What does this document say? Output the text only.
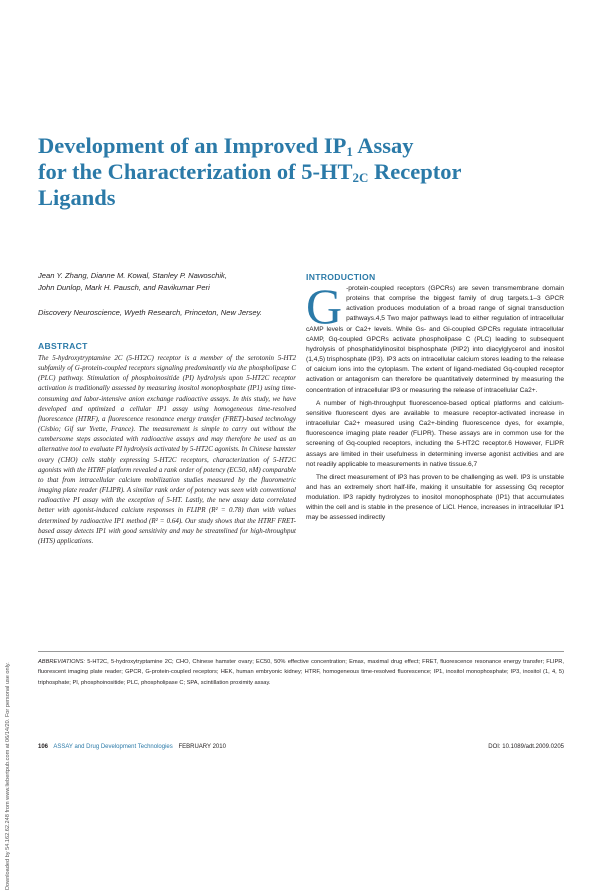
Downloaded by 54.162.62.248 from www.liebertpub.com at 06/14/20. For personal use only.
Development of an Improved $IP_1$ Assay
for the Characterization of $5-HT_{2C}$ Receptor
Ligands
Jean Y. Zhang, Dianne M. Kowal, Stanley P. Nawoschik,
John Dunlop, Mark H. Pausch, and Ravikumar Peri
Discovery Neuroscience, Wyeth Research, Princeton, New Jersey.
ABSTRACT
The 5-hydroxytryptamine 2C (5-HT2C) receptor is a member of the serotonin 5-HT2 subfamily of G-protein-coupled receptors signaling predominantly via the phospholipase C (PLC) pathway. Stimulation of phosphoinositide (PI) hydrolysis upon 5-HT2C receptor activation is traditionally assessed by measuring inositol monophosphate (IP1) using time-consuming and labor-intensive anion exchange radioactive assays. In this study, we have developed and optimized a cellular IP1 assay using homogeneous time-resolved fluorescence (HTRF), a fluorescence resonance energy transfer (FRET)-based technology (Cisbio; Gif sur Yvette, France). The measurement is simple to carry out without the cumbersome steps associated with radioactive assays and may therefore be used as an alternative tool to evaluate PI hydrolysis activated by 5-HT2C agonists. In Chinese hamster ovary (CHO) cells stably expressing 5-HT2C receptors, characterization of 5-HT2C agonists with the HTRF platform revealed a rank order of potency (EC50, nM) comparable to that from intracellular calcium mobilization studies measured by the fluorometric imaging plate reader (FLIPR). A similar rank order of potency was seen with conventional radioactive PI assay with the exception of 5-HT. Lastly, the new assay data correlated better with agonist-induced calcium responses in FLIPR (R² = 0.78) than with values determined by radioactive IP1 method (R² = 0.64). Our study shows that the HTRF FRET-based assay detects IP1 with good sensitivity and may be streamlined for high-throughput (HTS) applications.
INTRODUCTION

G -protein-coupled receptors (GPCRs) are seven transmembrane domain proteins that comprise the biggest family of drug targets.1–3 GPCR activation produces modulation of a broad range of signal transduction pathways.4,5 Two major pathways lead to either regulation of intracellular cAMP levels or Ca2+ levels. While Gs- and Gi-coupled GPCRs regulate intracellular cAMP, Gq-coupled GPCRs activate phospholipase C (PLC) leading to subsequent hydrolysis of phosphatidylinositol bisphosphate (PIP2) into diacylglycerol and inositol (1,4,5) trisphosphate (IP3). IP3 acts on intracellular calcium stores leading to the release of calcium ions into the cytoplasm. The extent of ligand-mediated Gq-coupled receptor activation or antagonism can therefore be quantitatively determined by measuring the concentration of intracellular IP3 or measuring the release of intracellular Ca2+.

A number of high-throughput fluorescence-based optical platforms and calcium-sensitive fluorescent dyes are available to measure receptor-activated increase in intracellular Ca2+ measured using Ca2+-binding fluorescence dyes, for example, fluorescence imaging plate reader (FLIPR). These assays are in common use for the screening of Gq-coupled receptors, including the 5-HT2C receptor.6 However, FLIPR assays are limited in their usefulness in determining inverse agonist activities and are not readily applicable to measurements in native tissue.6,7

The direct measurement of IP3 has proven to be challenging as well. IP3 is unstable and has an extremely short half-life, making it unsuitable for assessing Gq receptor modulation. IP3 rapidly hydrolyzes to inositol monophosphate (IP1) that accumulates within the cell and is stable in the presence of LiCl. Hence, increases in intracellular IP1 may be assessed indirectly

ABBREVIATIONS: 5-HT2C, 5-hydroxytryptamine 2C; CHO, Chinese hamster ovary; EC50, 50% effective concentration; Emax, maximal drug effect; FRET, fluorescence resonance energy transfer; FLIPR, fluorescent imaging plate reader; GPCR, G-protein-coupled receptors; HEK, human embryonic kidney; HTRF, homogeneous time-resolved fluorescence; IP1, inositol monophosphate; IP3, inositol (1, 4, 5) triphosphate; PI, phosphoinositide; PLC, phospholipase C; SPA, scintillation proximity assay.
106 ASSAY and Drug Development Technologies FEBRUARY 2010	DOI: 10.1089/adt.2009.0205
